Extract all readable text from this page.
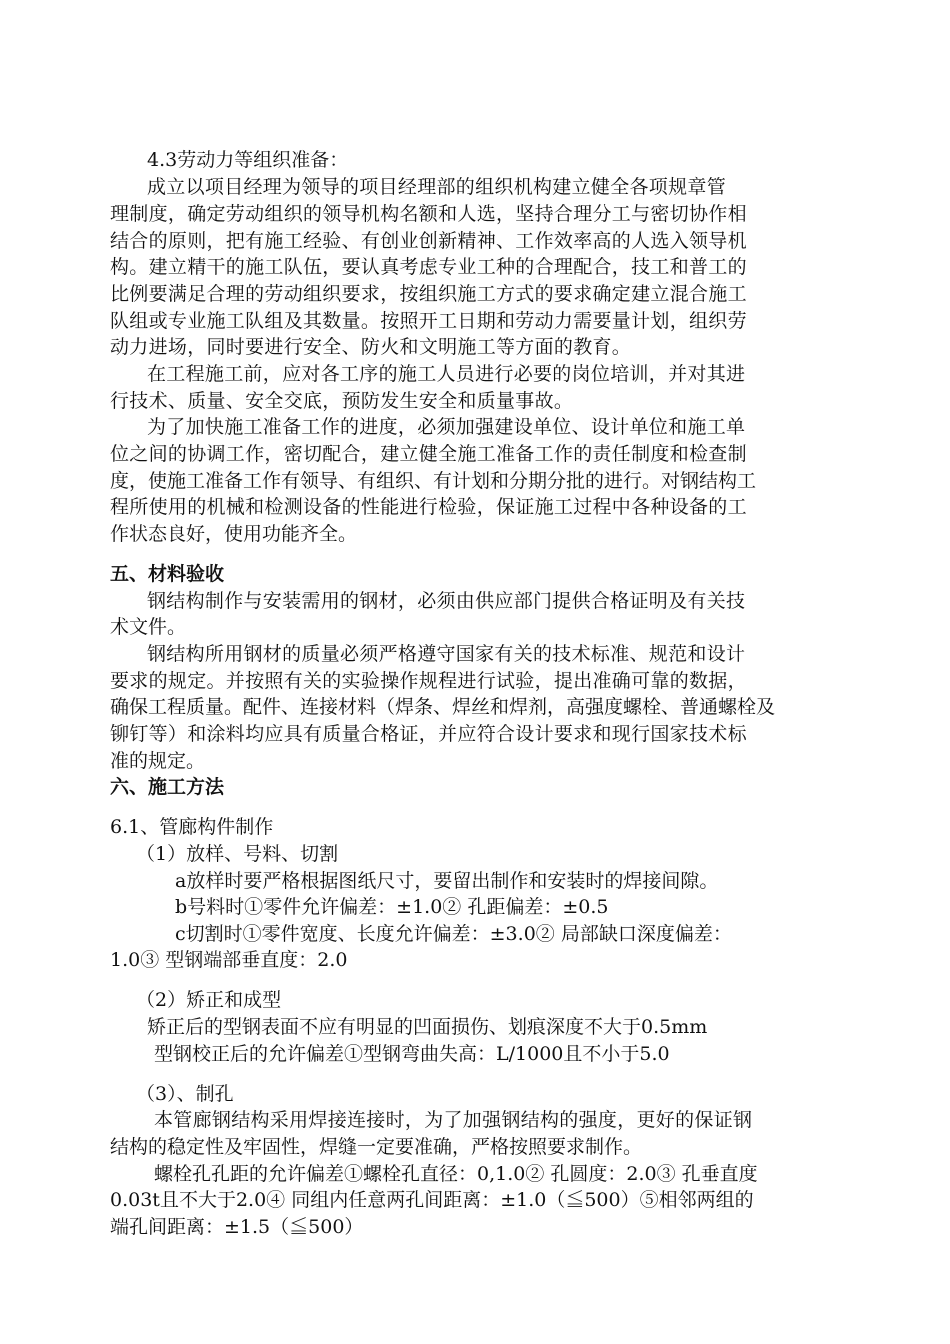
4.3劳动力等组织准备：
成立以项目经理为领导的项目经理部的组织机构建立健全各项规章管
理制度，确定劳动组织的领导机构名额和人选，坚持合理分工与密切协作相
结合的原则，把有施工经验、有创业创新精神、工作效率高的人选入领导机
构。建立精干的施工队伍，要认真考虑专业工种的合理配合，技工和普工的
比例要满足合理的劳动组织要求，按组织施工方式的要求确定建立混合施工
队组或专业施工队组及其数量。按照开工日期和劳动力需要量计划，组织劳
动力进场，同时要进行安全、防火和文明施工等方面的教育。
在工程施工前，应对各工序的施工人员进行必要的岗位培训，并对其进
行技术、质量、安全交底，预防发生安全和质量事故。
为了加快施工准备工作的进度，必须加强建设单位、设计单位和施工单
位之间的协调工作，密切配合，建立健全施工准备工作的责任制度和检查制
度，使施工准备工作有领导、有组织、有计划和分期分批的进行。对钢结构工
程所使用的机械和检测设备的性能进行检验，保证施工过程中各种设备的工
作状态良好，使用功能齐全。
五、材料验收
钢结构制作与安装需用的钢材，必须由供应部门提供合格证明及有关技
术文件。
钢结构所用钢材的质量必须严格遵守国家有关的技术标准、规范和设计
要求的规定。并按照有关的实验操作规程进行试验，提出准确可靠的数据，
确保工程质量。配件、连接材料（焊条、焊丝和焊剂，高强度螺栓、普通螺栓及
铆钉等）和涂料均应具有质量合格证，并应符合设计要求和现行国家技术标
准的规定。
六、施工方法
6.1、管廊构件制作
（1）放样、号料、切割
a放样时要严格根据图纸尺寸，要留出制作和安装时的焊接间隙。
b号料时①零件允许偏差：±1.0② 孔距偏差：±0.5
c切割时①零件宽度、长度允许偏差：±3.0② 局部缺口深度偏差：
1.0③ 型钢端部垂直度：2.0
（2）矫正和成型
矫正后的型钢表面不应有明显的凹面损伤、划痕深度不大于0.5mm
型钢校正后的允许偏差①型钢弯曲失高：L/1000且不小于5.0
（3）、制孔
本管廊钢结构采用焊接连接时，为了加强钢结构的强度，更好的保证钢
结构的稳定性及牢固性，焊缝一定要准确，严格按照要求制作。
螺栓孔孔距的允许偏差①螺栓孔直径：0,1.0② 孔圆度：2.0③ 孔垂直度
0.03t且不大于2.0④ 同组内任意两孔间距离：±1.0（≦500）⑤相邻两组的
端孔间距离：±1.5（≦500）
